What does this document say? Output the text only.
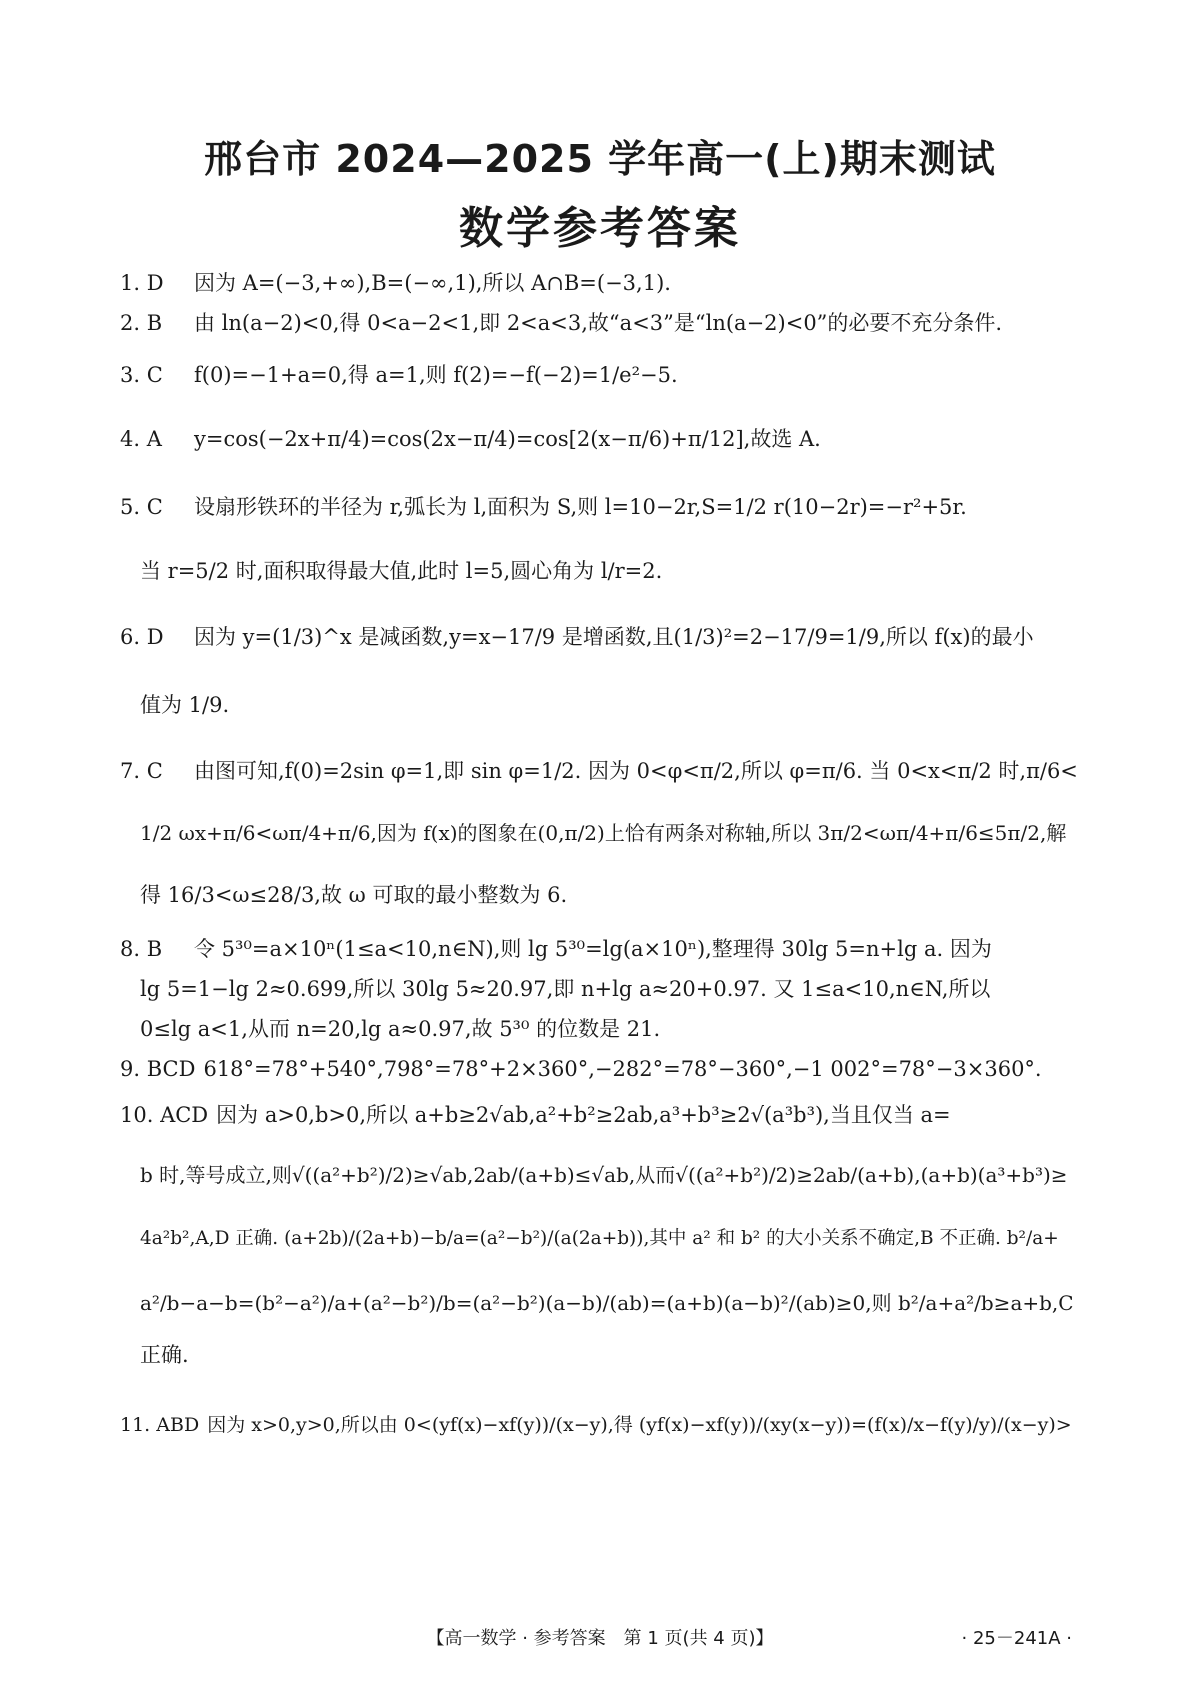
邢台市 2024—2025 学年高一(上)期末测试
数学参考答案
1. D 因为 A=(−3,+∞),B=(−∞,1),所以 A∩B=(−3,1).
2. B 由 ln(a−2)<0,得 0<a−2<1,即 2<a<3,故“a<3”是“ln(a−2)<0”的必要不充分条件.
3. C f(0)=−1+a=0,得 a=1,则 f(2)=−f(−2)=1/e²−5.
4. A y=cos(−2x+π/4)=cos(2x−π/4)=cos[2(x−π/6)+π/12],故选 A.
5. C 设扇形铁环的半径为 r,弧长为 l,面积为 S,则 l=10−2r,S=1/2 r(10−2r)=−r²+5r.
当 r=5/2 时,面积取得最大值,此时 l=5,圆心角为 l/r=2.
6. D 因为 y=(1/3)^x 是减函数,y=x−17/9 是增函数,且(1/3)²=2−17/9=1/9,所以 f(x)的最小
值为 1/9.
7. C 由图可知,f(0)=2sin φ=1,即 sin φ=1/2. 因为 0<φ<π/2,所以 φ=π/6. 当 0<x<π/2 时,π/6<
1/2 ωx+π/6<ωπ/4+π/6,因为 f(x)的图象在(0,π/2)上恰有两条对称轴,所以 3π/2<ωπ/4+π/6≤5π/2,解
得 16/3<ω≤28/3,故 ω 可取的最小整数为 6.
8. B 令 5³⁰=a×10ⁿ(1≤a<10,n∈N),则 lg 5³⁰=lg(a×10ⁿ),整理得 30lg 5=n+lg a. 因为
lg 5=1−lg 2≈0.699,所以 30lg 5≈20.97,即 n+lg a≈20+0.97. 又 1≤a<10,n∈N,所以
0≤lg a<1,从而 n=20,lg a≈0.97,故 5³⁰ 的位数是 21.
9. BCD 618°=78°+540°,798°=78°+2×360°,−282°=78°−360°,−1 002°=78°−3×360°.
10. ACD 因为 a>0,b>0,所以 a+b≥2√ab,a²+b²≥2ab,a³+b³≥2√(a³b³),当且仅当 a=
b 时,等号成立,则√((a²+b²)/2)≥√ab,2ab/(a+b)≤√ab,从而√((a²+b²)/2)≥2ab/(a+b),(a+b)(a³+b³)≥
4a²b²,A,D 正确. (a+2b)/(2a+b)−b/a=(a²−b²)/(a(2a+b)),其中 a² 和 b² 的大小关系不确定,B 不正确. b²/a+
a²/b−a−b=(b²−a²)/a+(a²−b²)/b=(a²−b²)(a−b)/(ab)=(a+b)(a−b)²/(ab)≥0,则 b²/a+a²/b≥a+b,C
正确.
11. ABD 因为 x>0,y>0,所以由 0<(yf(x)−xf(y))/(x−y),得 (yf(x)−xf(y))/(xy(x−y))=(f(x)/x−f(y)/y)/(x−y)>
【高一数学 · 参考答案　第 1 页(共 4 页)】	· 25－241A ·
